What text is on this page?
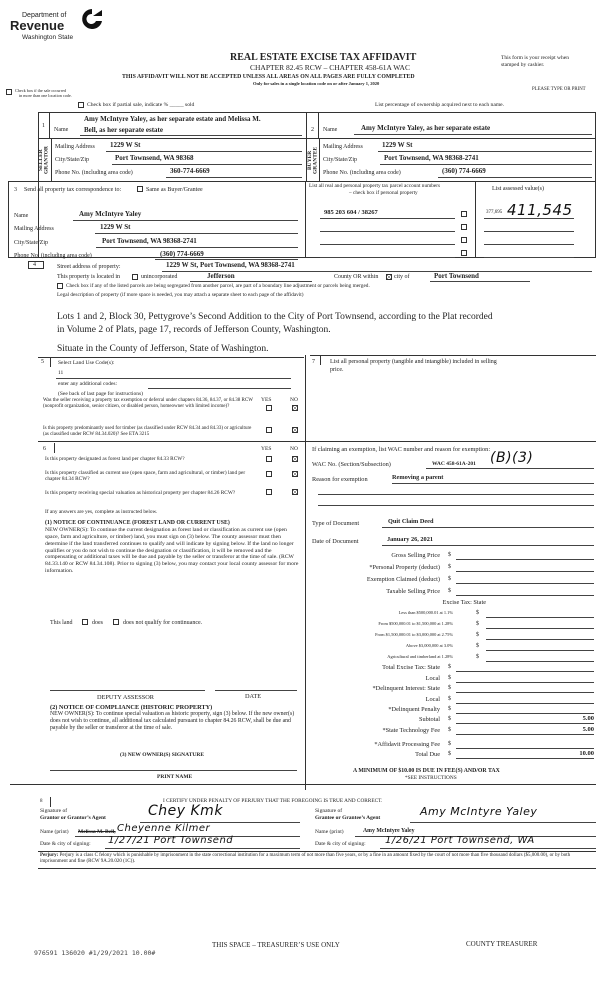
Department of
Revenue
Washington State
REAL ESTATE EXCISE TAX AFFIDAVIT
CHAPTER 82.45 RCW – CHAPTER 458-61A WAC
THIS AFFIDAVIT WILL NOT BE ACCEPTED UNLESS ALL AREAS ON ALL PAGES ARE FULLY COMPLETED
Only for sales in a single location code on or after January 1, 2020
This form is your receipt when
stamped by cashier.
PLEASE TYPE OR PRINT
Check box if the sale occurred
in more than one location code.
Check box if partial sale, indicate % _____ sold	List percentage of ownership acquired next to each name.
1
Name
Amy McIntyre Yaley, as her separate estate and Melissa M.
Bell, as her separate estate
SELLER
GRANTOR Mailing Address 1229 W St
City/State/Zip	Port Townsend, WA 98368
Phone No. (including area code)	360-774-6669
2 Name	Amy McIntyre Yaley, as her separate estate
BUYER
GRANTEE Mailing Address	1229 W St
City/State/Zip	Port Townsend, WA 98368-2741
Phone No. (including area code)	(360) 774-6669
3 Send all property tax correspondence to:	Same as Buyer/Grantee
Name	Amy McIntyre Yaley
Mailing Address	1229 W St
City/State/Zip	Port Townsend, WA 98368-2741
Phone No. (including area code)	(360) 774-6669
List all real and personal property tax parcel account numbers
– check box if personal property
List assessed value(s)
985 203 604 / 38267	377,695 411,545
4	Street address of property:	1229 W St, Port Townsend, WA 98368-2741
This property is located in	unincorporated	Jefferson	County OR within	city of	Port Townsend
Check box if any of the listed parcels are being segregated from another parcel, are part of a boundary line adjustment or parcels being merged.
Legal description of property (if more space is needed, you may attach a separate sheet to each page of the affidavit)
Lots 1 and 2, Block 30, Pettygrove’s Second Addition to the City of Port Townsend, according to the Plat recorded
in Volume 2 of Plats, page 17, records of Jefferson County, Washington.
Situate in the County of Jefferson, State of Washington.
5	Select Land Use Code(s):
11
enter any additional codes:
(See back of last page for instructions)
YES	NO
Was the seller receiving a property tax exemption or deferral under chapters 84.36, 84.37, or 84.38 RCW (nonprofit organization, senior citizen, or disabled person, homeowner with limited income)?
Is this property predominantly used for timber (as classified under RCW 84.34 and 84.33) or agriculture (as classified under RCW 84.34.020)? See ETA 3215
7	List all personal property (tangible and intangible) included in selling
price.
6	YES	NO
Is this property designated as forest land per chapter 84.33 RCW?
Is this property classified as current use (open space, farm and agricultural, or timber) land per chapter 84.34 RCW?
Is this property receiving special valuation as historical property per chapter 84.26 RCW?
If any answers are yes, complete as instructed below.
(1) NOTICE OF CONTINUANCE (FOREST LAND OR CURRENT USE)
NEW OWNER(S): To continue the current designation as forest land or classification as current use (open space, farm and agriculture, or timber) land, you must sign on (3) below. The county assessor must then determine if the land transferred continues to qualify and will indicate by signing below. If the land no longer qualifies or you do not wish to continue the designation or classification, it will be removed and the compensating or additional taxes will be due and payable by the seller or transferor at the time of sale. (RCW 84.33.140 or RCW 84.34.108). Prior to signing (3) below, you may contact your local county assessor for more information.
This land	does	does not qualify for continuance.
DEPUTY ASSESSOR	DATE
(2) NOTICE OF COMPLIANCE (HISTORIC PROPERTY)
NEW OWNER(S): To continue special valuation as historic property, sign (3) below. If the new owner(s) does not wish to continue, all additional tax calculated pursuant to chapter 84.26 RCW, shall be due and payable by the seller or transferor at the time of sale.
(3) NEW OWNER(S) SIGNATURE
PRINT NAME
If claiming an exemption, list WAC number and reason for exemption:
WAC No. (Section/Subsection)	WAC 458-61A-201 (B)(3)
Reason for exemption	Removing a parent
Type of Document	Quit Claim Deed
Date of Document	January 26, 2021
Gross Selling Price $
*Personal Property (deduct) $
Exemption Claimed (deduct) $
Taxable Selling Price $
Excise Tax: State
Less than $500,000.01 at 1.1%	$
From $500,000.01 to $1,500,000 at 1.28%	$
From $1,500,000.01 to $3,000,000 at 2.75%	$
Above $3,000,000 at 3.0%	$
Agricultural and timberland at 1.28%	$
Total Excise Tax: State $
Local $
*Delinquent Interest: State $
Local $
*Delinquent Penalty $
Subtotal $	5.00
*State Technology Fee $	5.00
*Affidavit Processing Fee $
Total Due $	10.00
A MINIMUM OF $10.00 IS DUE IN FEE(S) AND/OR TAX
*SEE INSTRUCTIONS
8	I CERTIFY UNDER PENALTY OF PERJURY THAT THE FOREGOING IS TRUE AND CORRECT.
Signature of
Grantor or Grantor’s Agent	Chey Kmk
Name (print) Melissa M. Bell, Cheyenne Kilmer
Date & city of signing: 1/27/21 Port Townsend
Signature of
Grantee or Grantee’s Agent	Amy McIntyre Yaley
Name (print)	Amy McIntyre Yaley
Date & city of signing: 1/26/21 Port Townsend, WA
Perjury: Perjury is a class C felony which is punishable by imprisonment in the state correctional institution for a maximum term of not more than five years, or by a fine in an amount fixed by the court of not more than five thousand dollars ($5,000.00), or by both imprisonment and fine (RCW 9A.20.020 (1C)).
THIS SPACE – TREASURER’S USE ONLY	COUNTY TREASURER
976591 136020 #1/29/2021 10.00#
